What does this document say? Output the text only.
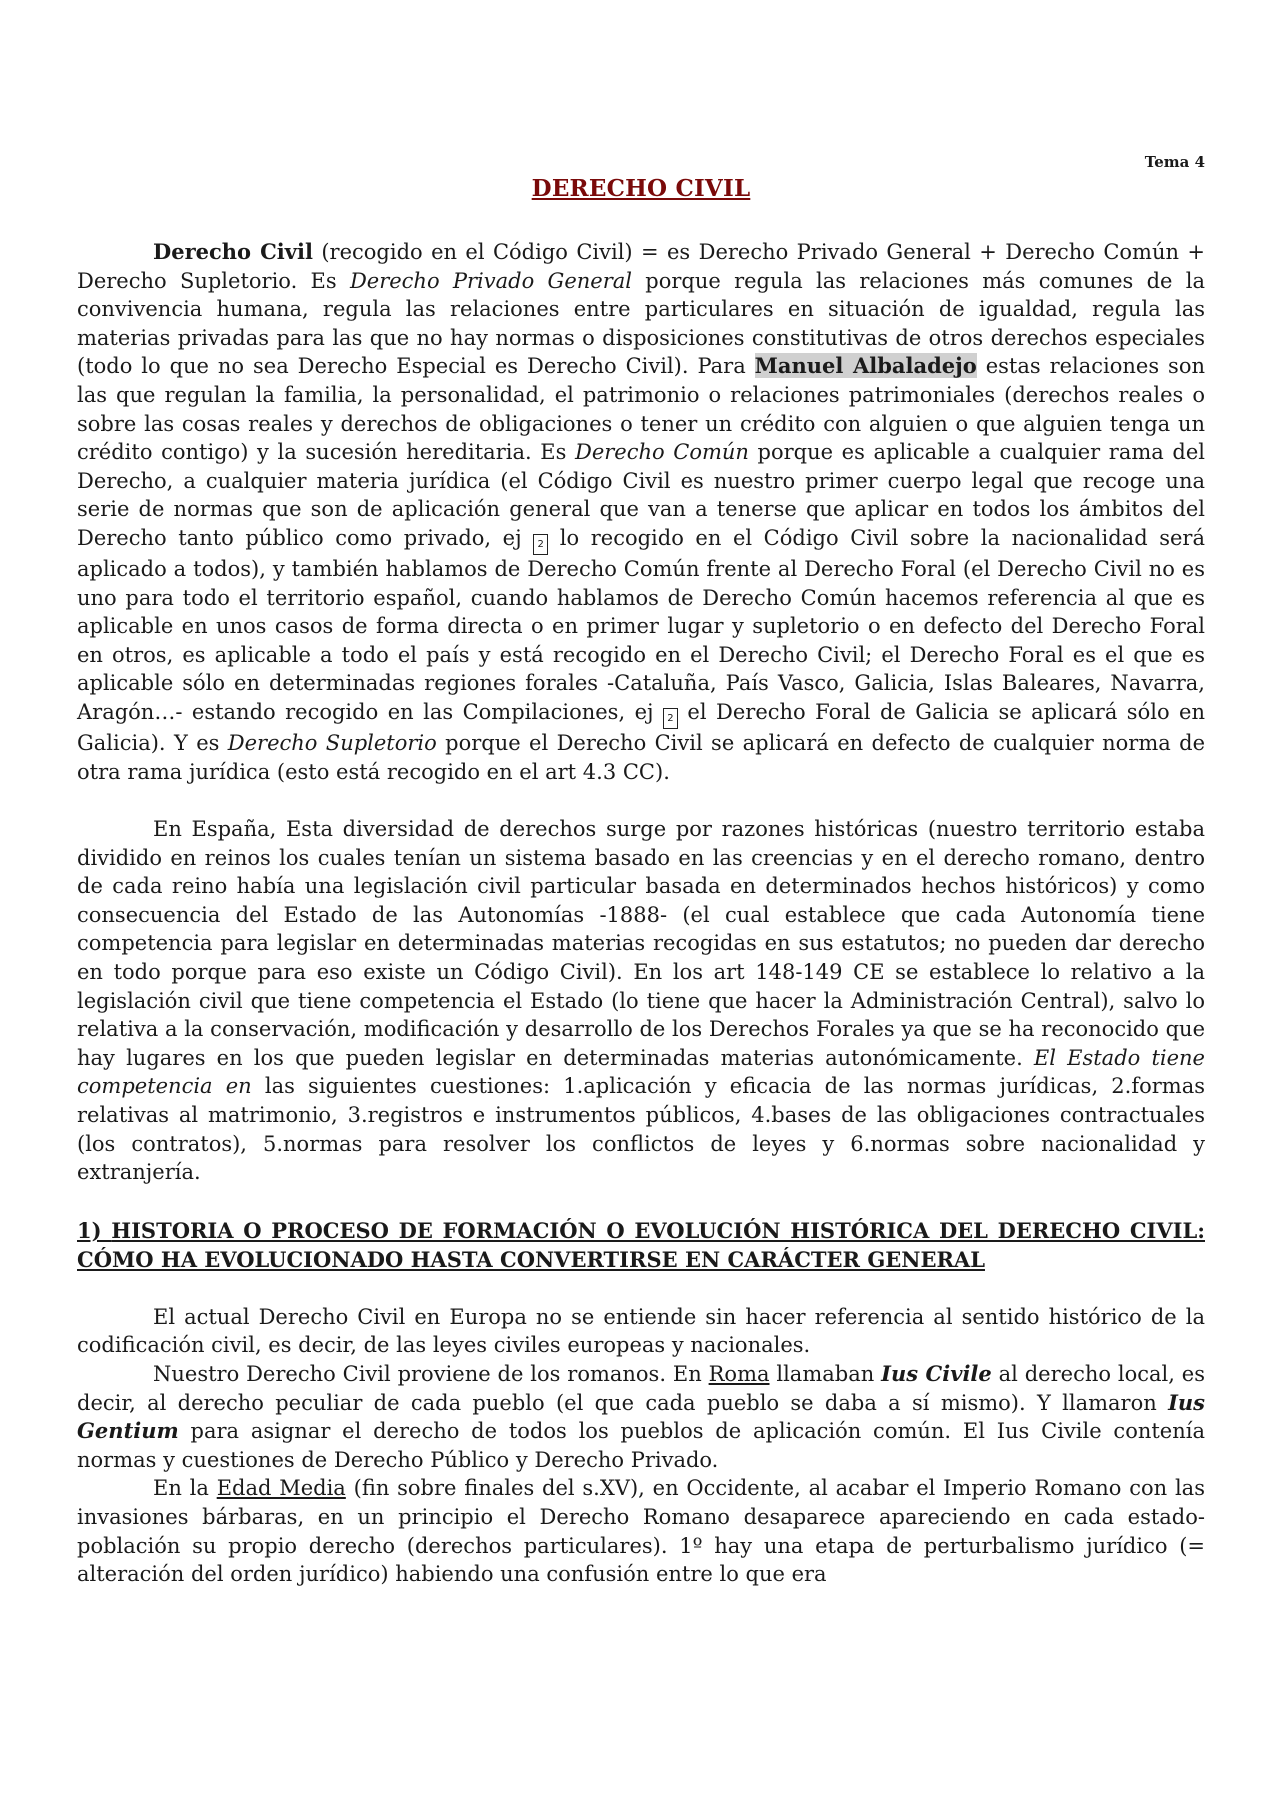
Tema 4
DERECHO CIVIL

Derecho Civil (recogido en el Código Civil) = es Derecho Privado General + Derecho Común + Derecho Supletorio. Es Derecho Privado General porque regula las relaciones más comunes de la convivencia humana, regula las relaciones entre particulares en situación de igualdad, regula las materias privadas para las que no hay normas o disposiciones constitutivas de otros derechos especiales (todo lo que no sea Derecho Especial es Derecho Civil). Para Manuel Albaladejo estas relaciones son las que regulan la familia, la personalidad, el patrimonio o relaciones patrimoniales (derechos reales o sobre las cosas reales y derechos de obligaciones o tener un crédito con alguien o que alguien tenga un crédito contigo) y la sucesión hereditaria. Es Derecho Común porque es aplicable a cualquier rama del Derecho, a cualquier materia jurídica (el Código Civil es nuestro primer cuerpo legal que recoge una serie de normas que son de aplicación general que van a tenerse que aplicar en todos los ámbitos del Derecho tanto público como privado, ej 2 lo recogido en el Código Civil sobre la nacionalidad será aplicado a todos), y también hablamos de Derecho Común frente al Derecho Foral (el Derecho Civil no es uno para todo el territorio español, cuando hablamos de Derecho Común hacemos referencia al que es aplicable en unos casos de forma directa o en primer lugar y supletorio o en defecto del Derecho Foral en otros, es aplicable a todo el país y está recogido en el Derecho Civil; el Derecho Foral es el que es aplicable sólo en determinadas regiones forales -Cataluña, País Vasco, Galicia, Islas Baleares, Navarra, Aragón…- estando recogido en las Compilaciones, ej 2 el Derecho Foral de Galicia se aplicará sólo en Galicia). Y es Derecho Supletorio porque el Derecho Civil se aplicará en defecto de cualquier norma de otra rama jurídica (esto está recogido en el art 4.3 CC).

En España, Esta diversidad de derechos surge por razones históricas (nuestro territorio estaba dividido en reinos los cuales tenían un sistema basado en las creencias y en el derecho romano, dentro de cada reino había una legislación civil particular basada en determinados hechos históricos) y como consecuencia del Estado de las Autonomías -1888- (el cual establece que cada Autonomía tiene competencia para legislar en determinadas materias recogidas en sus estatutos; no pueden dar derecho en todo porque para eso existe un Código Civil). En los art 148-149 CE se establece lo relativo a la legislación civil que tiene competencia el Estado (lo tiene que hacer la Administración Central), salvo lo relativa a la conservación, modificación y desarrollo de los Derechos Forales ya que se ha reconocido que hay lugares en los que pueden legislar en determinadas materias autonómicamente. El Estado tiene competencia en las siguientes cuestiones: 1.aplicación y eficacia de las normas jurídicas, 2.formas relativas al matrimonio, 3.registros e instrumentos públicos, 4.bases de las obligaciones contractuales (los contratos), 5.normas para resolver los conflictos de leyes y 6.normas sobre nacionalidad y extranjería.

1) HISTORIA O PROCESO DE FORMACIÓN O EVOLUCIÓN HISTÓRICA DEL DERECHO CIVIL: CÓMO HA EVOLUCIONADO HASTA CONVERTIRSE EN CARÁCTER GENERAL

El actual Derecho Civil en Europa no se entiende sin hacer referencia al sentido histórico de la codificación civil, es decir, de las leyes civiles europeas y nacionales.

Nuestro Derecho Civil proviene de los romanos. En Roma llamaban Ius Civile al derecho local, es decir, al derecho peculiar de cada pueblo (el que cada pueblo se daba a sí mismo). Y llamaron Ius Gentium para asignar el derecho de todos los pueblos de aplicación común. El Ius Civile contenía normas y cuestiones de Derecho Público y Derecho Privado.

En la Edad Media (fin sobre finales del s.XV), en Occidente, al acabar el Imperio Romano con las invasiones bárbaras, en un principio el Derecho Romano desaparece apareciendo en cada estado-población su propio derecho (derechos particulares). 1º hay una etapa de perturbalismo jurídico (= alteración del orden jurídico) habiendo una confusión entre lo que era
